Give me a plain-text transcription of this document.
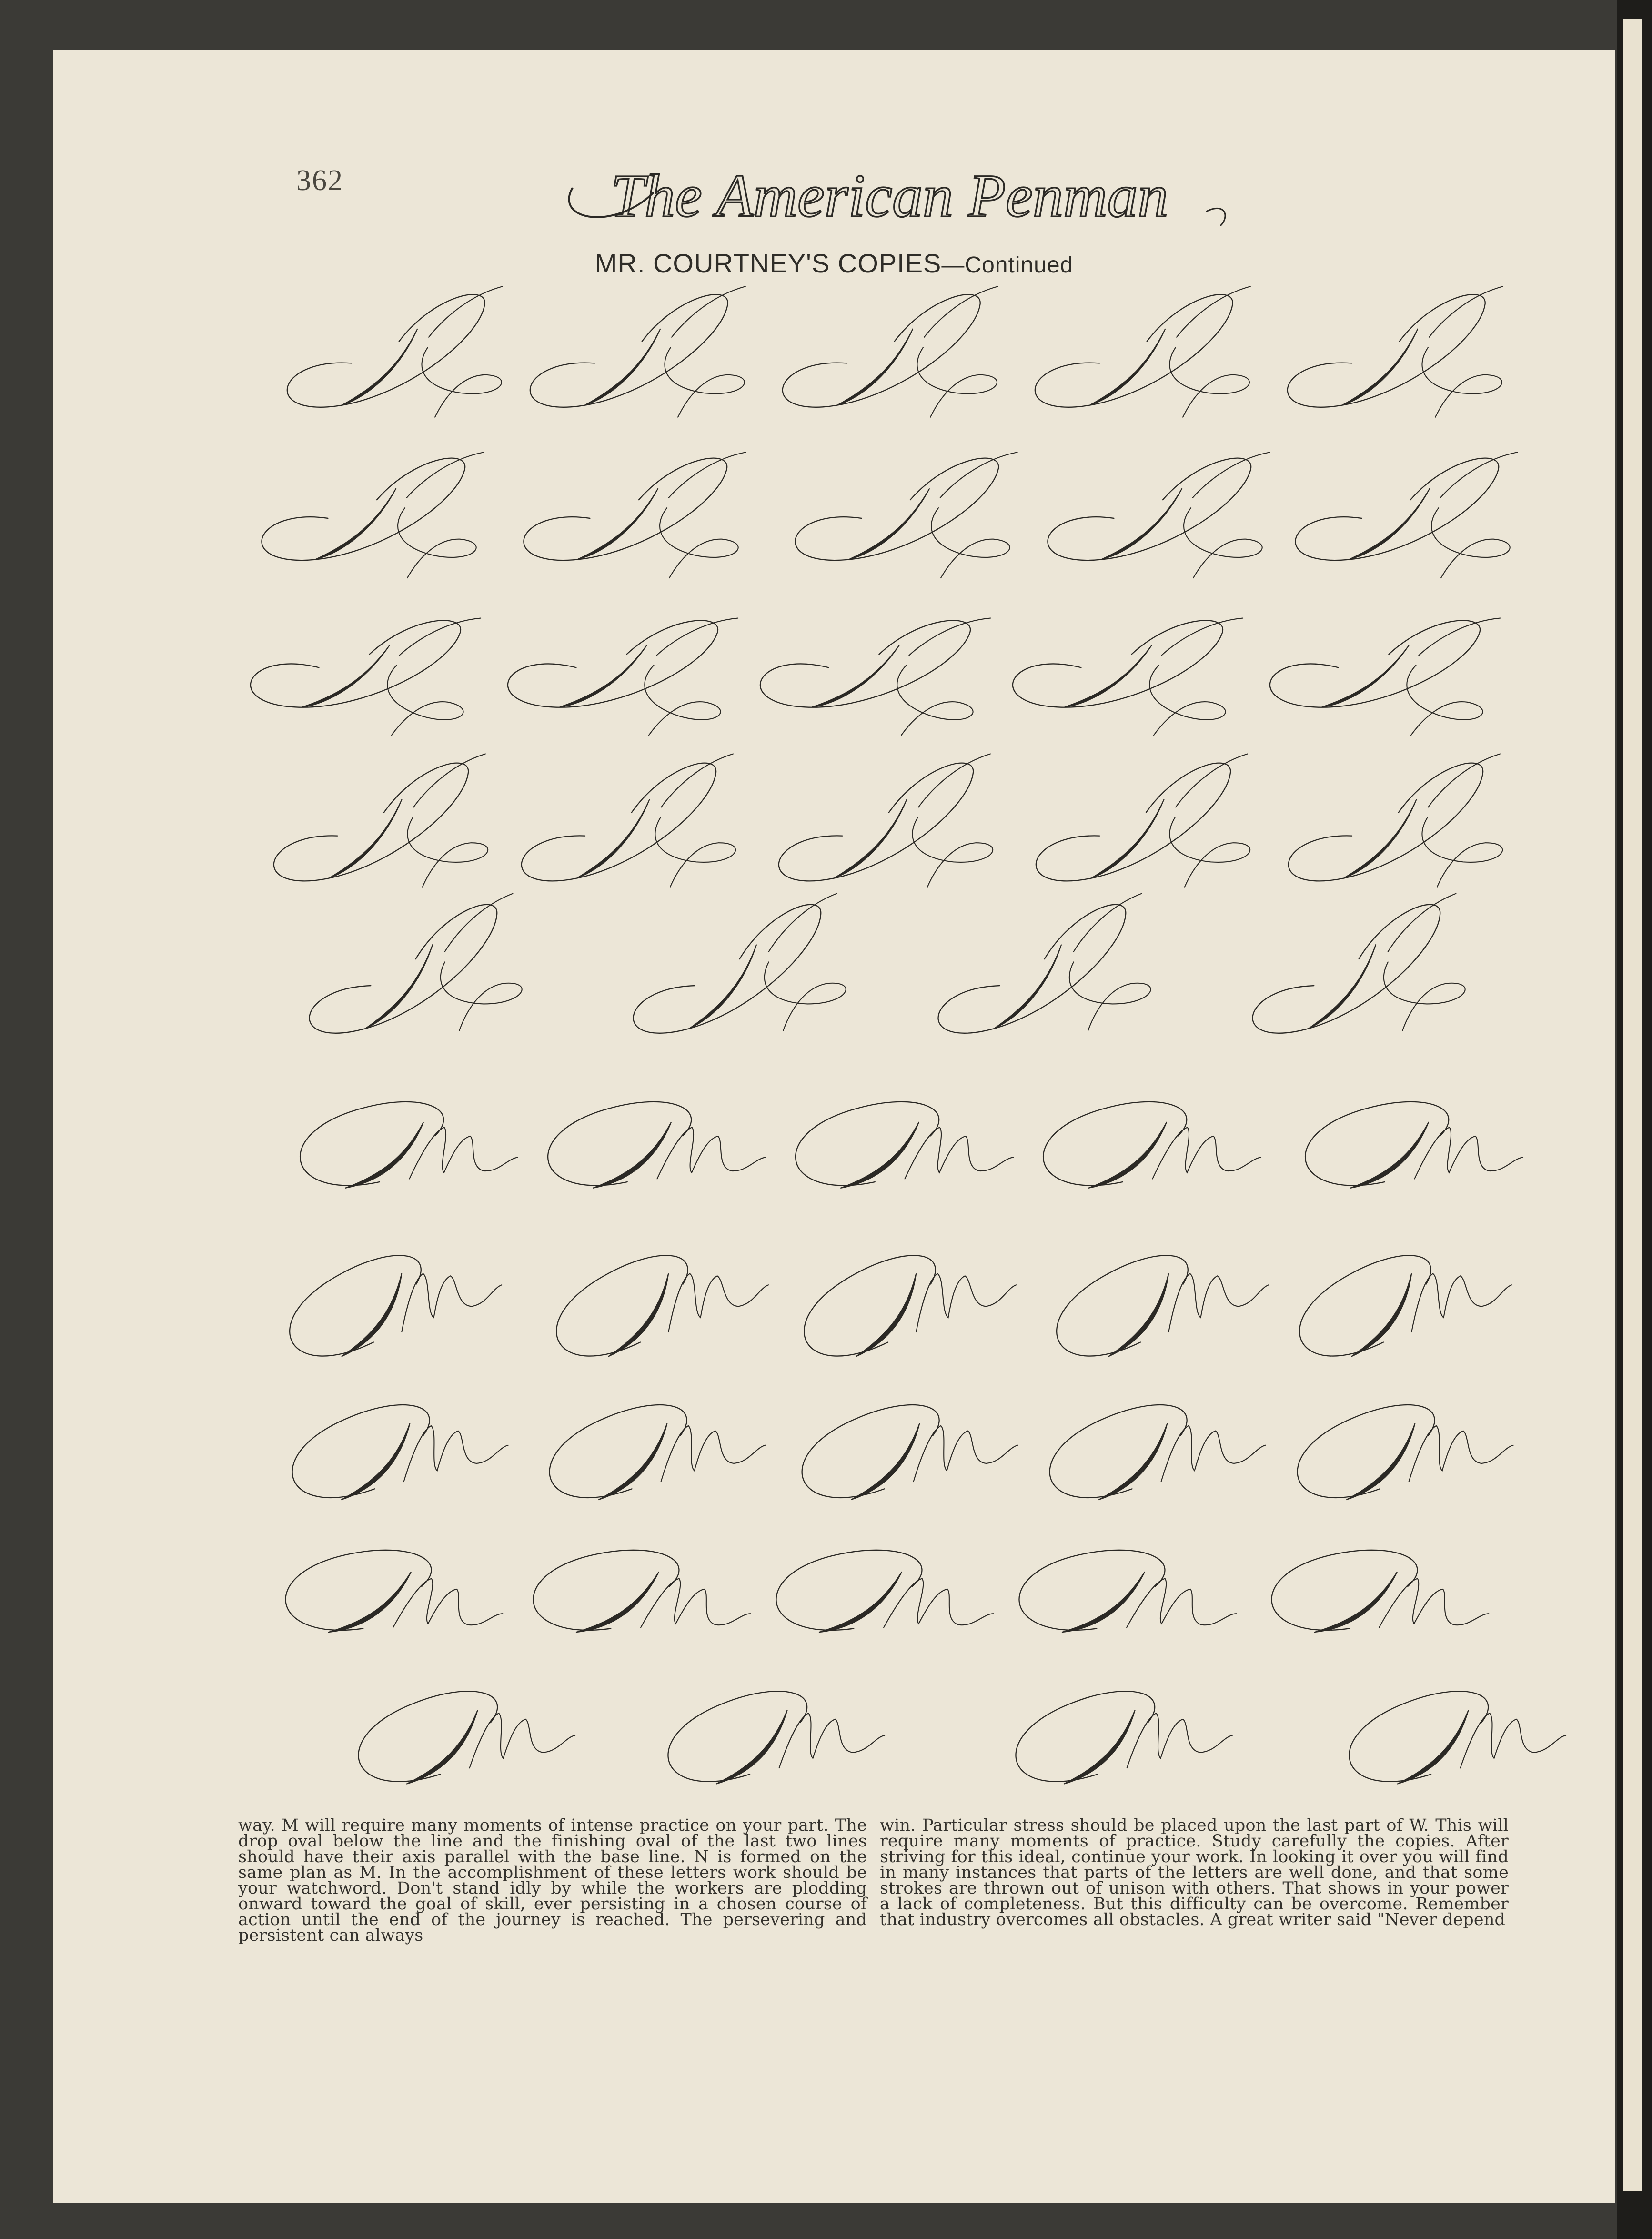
362	The American Penman
MR. COURTNEY'S COPIES—Continued
way. M will require many moments of intense practice on your part. The drop oval below the line and the finishing oval of the last two lines should have their axis parallel with the base line. N is formed on the same plan as M. In the accomplishment of these letters work should be your watchword. Don't stand idly by while the workers are plodding onward toward the goal of skill, ever persisting in a chosen course of action until the end of the journey is reached. The persevering and persistent can always
win. Particular stress should be placed upon the last part of W. This will require many moments of practice. Study carefully the copies. After striving for this ideal, continue your work. In looking it over you will find in many instances that parts of the letters are well done, and that some strokes are thrown out of unison with others. That shows in your power a lack of completeness. But this difficulty can be overcome. Remember that industry overcomes all obstacles. A great writer said "Never depend
